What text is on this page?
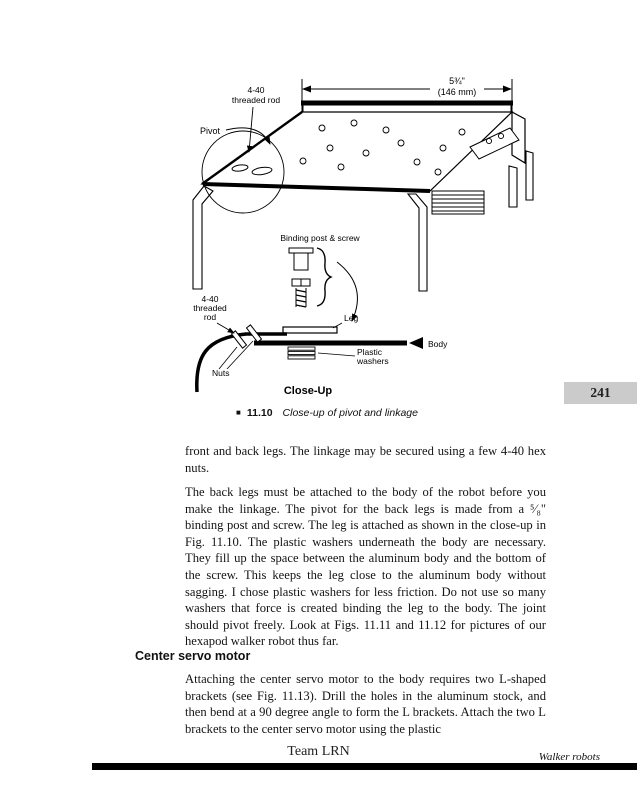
5¾"
(146 mm)
Pivot
4-40
threaded rod
Binding post & screw
Leg
Body
Plastic
washers
4-40
threaded
rod
Nuts
Close-Up
■ 11.10 Close-up of pivot and linkage
241

front and back legs. The linkage may be secured using a few 4-40 hex nuts.

The back legs must be attached to the body of the robot before you make the linkage. The pivot for the back legs is made from a ⁵⁄₈" binding post and screw. The leg is attached as shown in the close-up in Fig. 11.10. The plastic washers underneath the body are necessary. They fill up the space between the aluminum body and the bottom of the screw. This keeps the leg close to the aluminum body without sagging. I chose plastic washers for less friction. Do not use so many washers that force is created binding the leg to the body. The joint should pivot freely. Look at Figs. 11.11 and 11.12 for pictures of our hexapod walker robot thus far.

Center servo motor

Attaching the center servo motor to the body requires two L-shaped brackets (see Fig. 11.13). Drill the holes in the aluminum stock, and then bend at a 90 degree angle to form the L brackets. Attach the two L brackets to the center servo motor using the plastic

Team LRN	Walker robots
